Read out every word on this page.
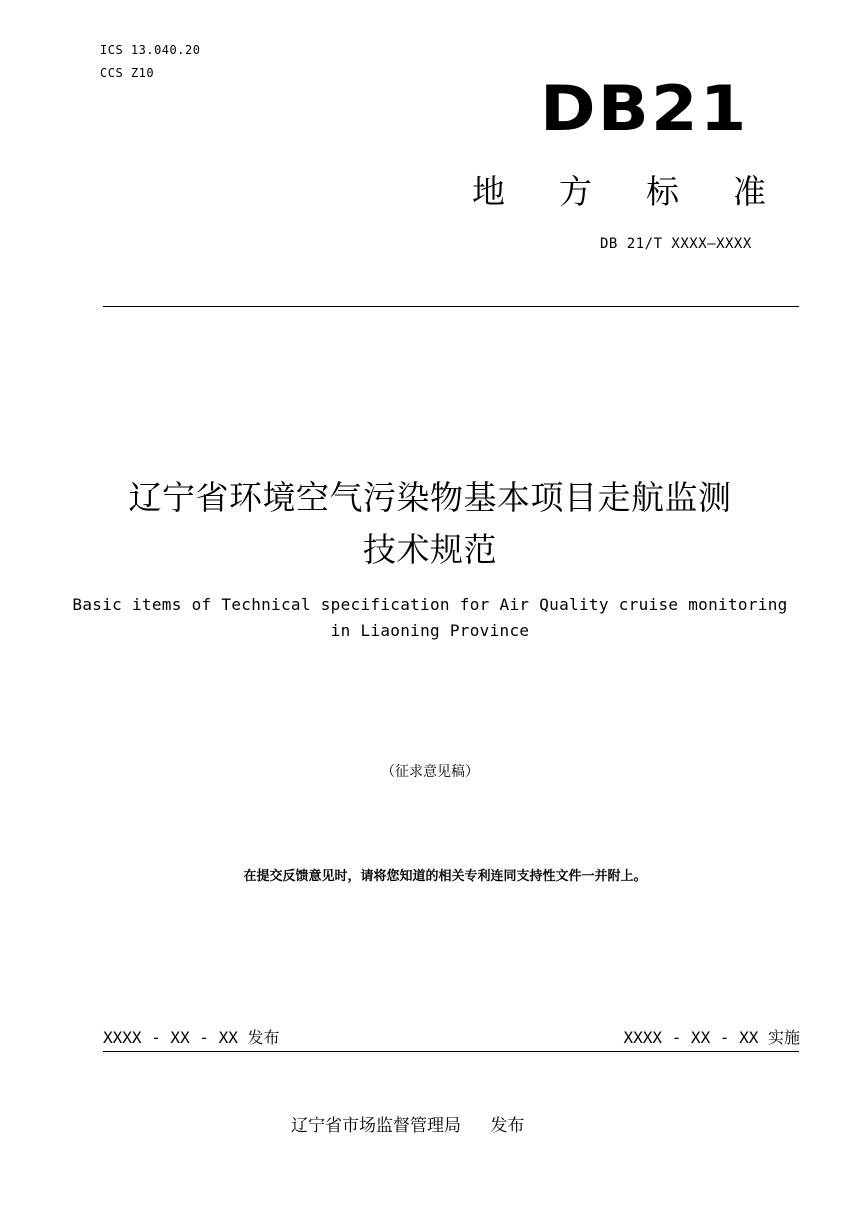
ICS 13.040.20
CCS Z10	DB21
地方标准
DB 21/T XXXX—XXXX
辽宁省环境空气污染物基本项目走航监测
技术规范
Basic items of Technical specification for Air Quality cruise monitoring
in Liaoning Province
（征求意见稿）
在提交反馈意见时，请将您知道的相关专利连同支持性文件一并附上。
XXXX - XX - XX 发布	XXXX - XX - XX 实施
辽宁省市场监督管理局 发布
